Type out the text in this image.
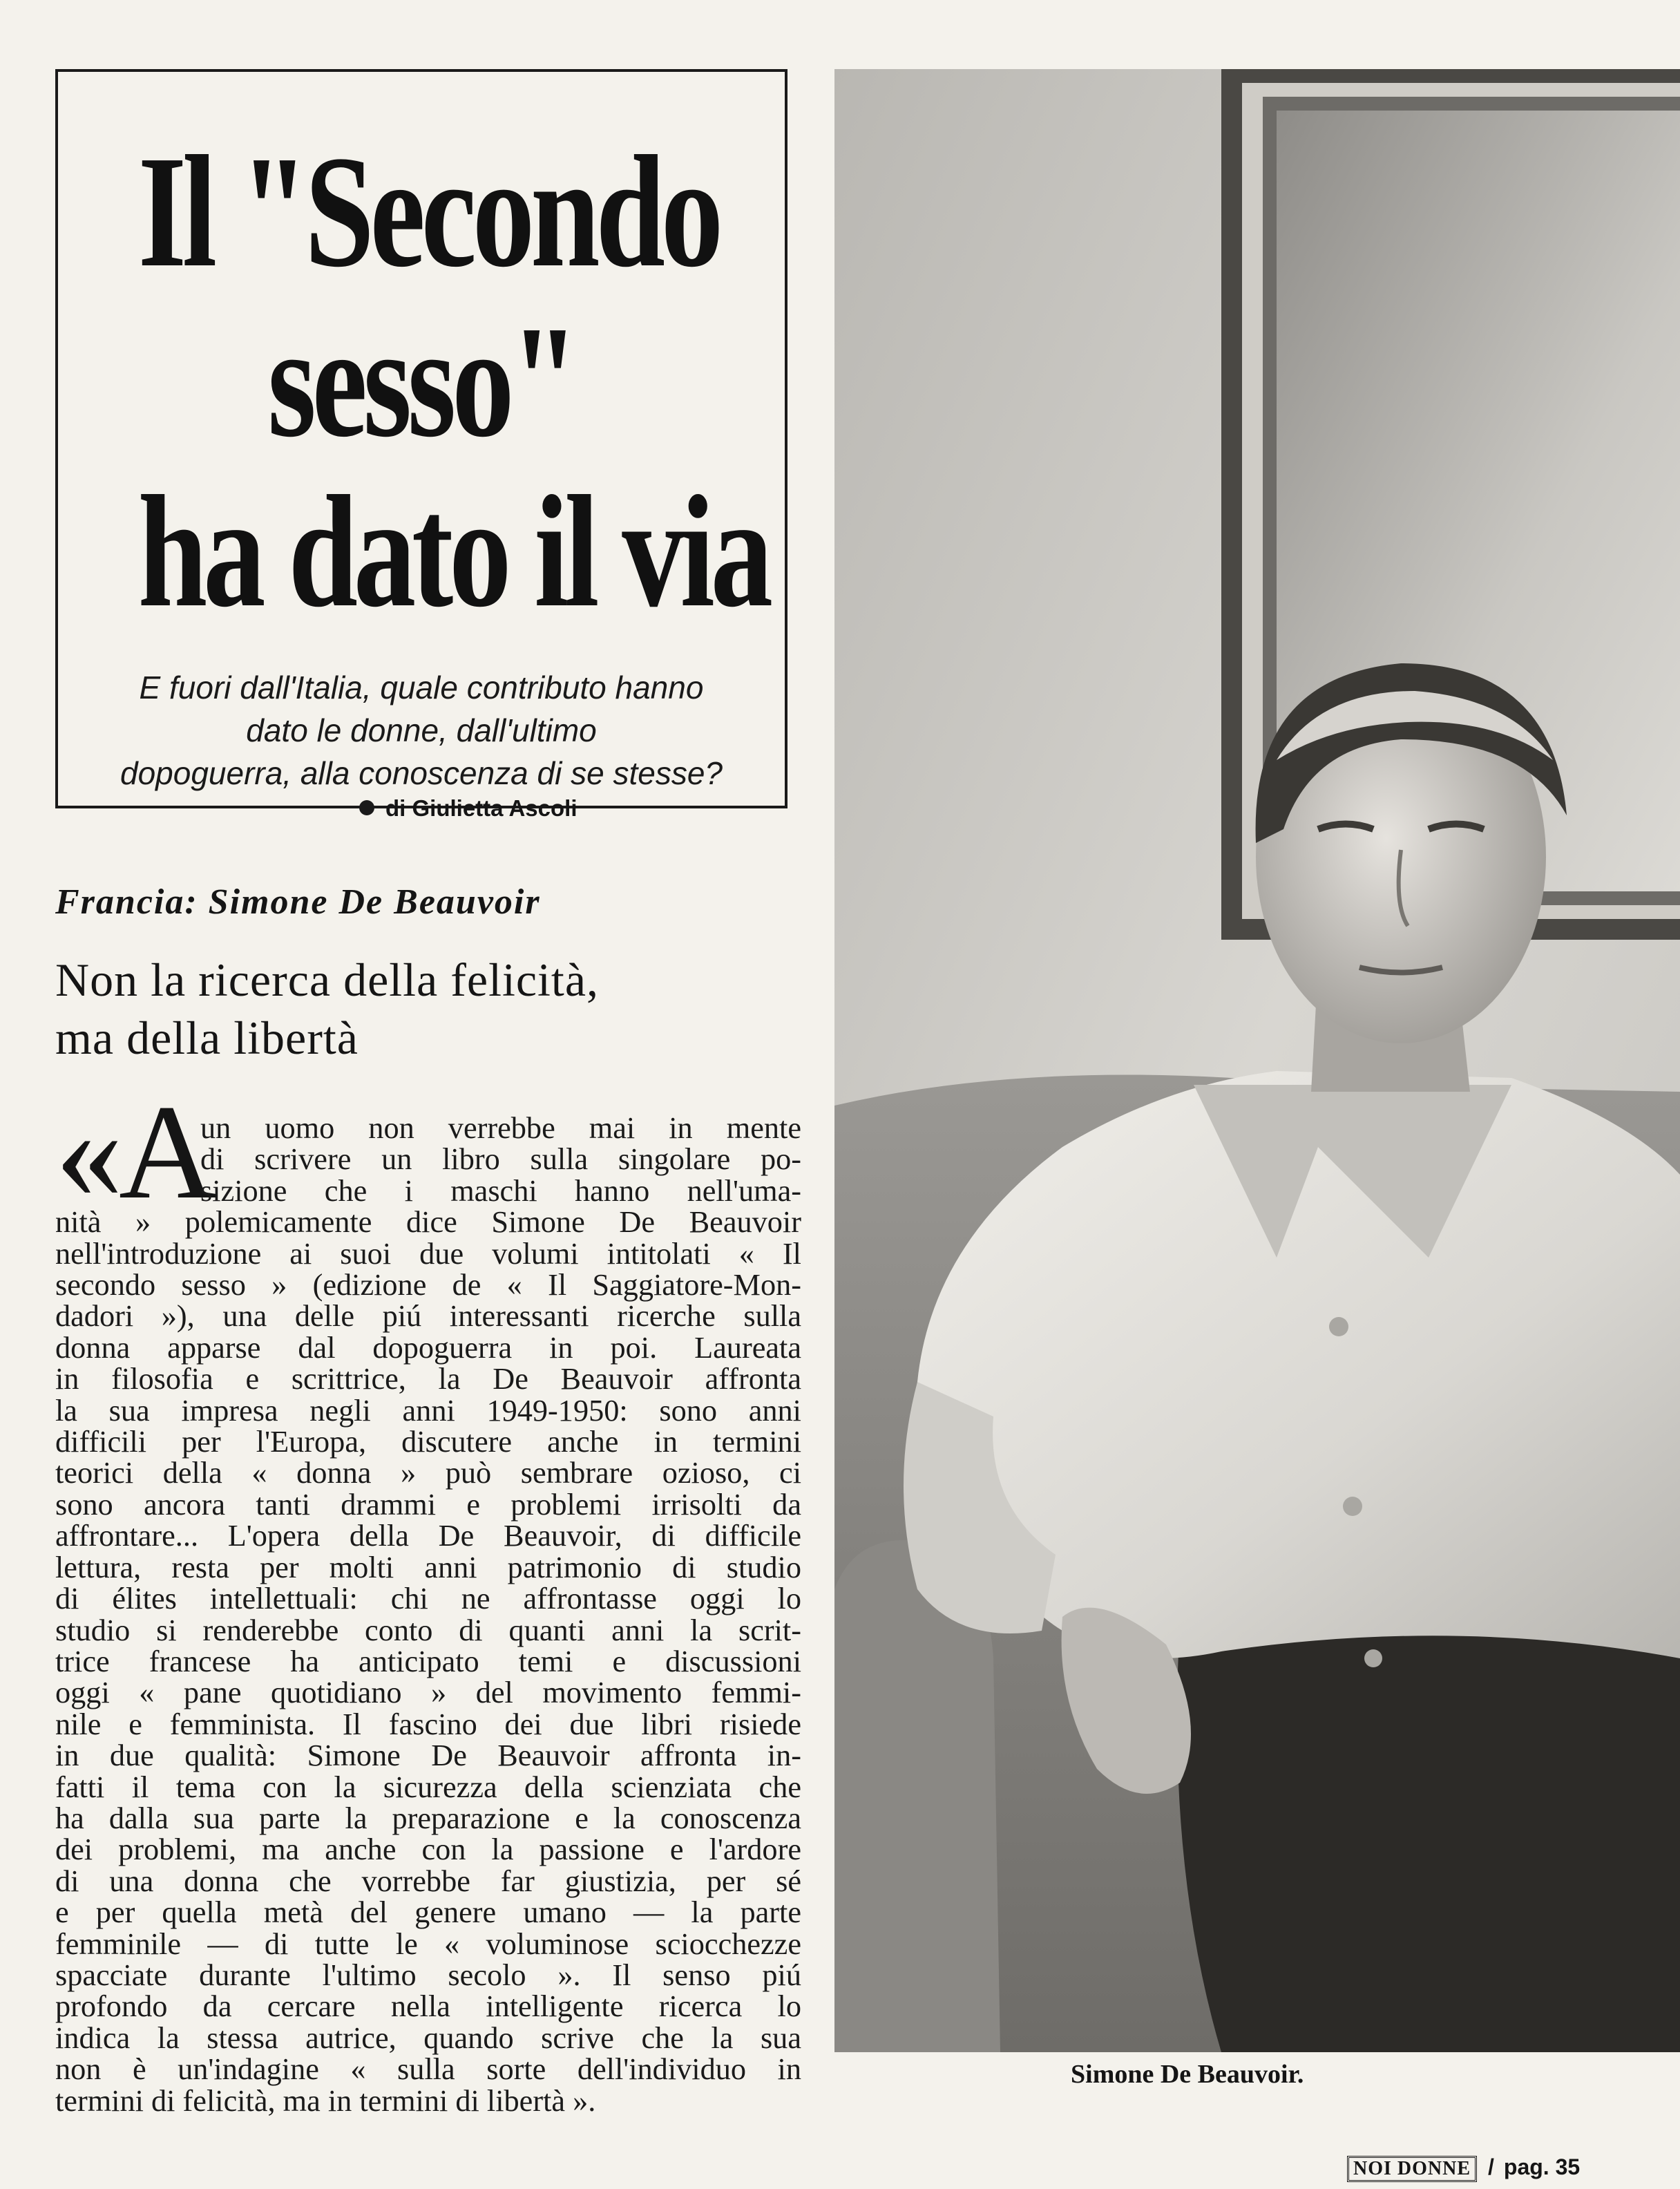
Il "Secondo
sesso"
ha dato il via
E fuori dall'Italia, quale contributo hanno
dato le donne, dall'ultimo
dopoguerra, alla conoscenza di se stesse?
di Giulietta Ascoli
Francia: Simone De Beauvoir
Non la ricerca della felicità,
ma della libertà
«A
un uomo non verrebbe mai in mente
di scrivere un libro sulla singolare po-
sizione che i maschi hanno nell'uma-
nità » polemicamente dice Simone De Beauvoir
nell'introduzione ai suoi due volumi intitolati « Il
secondo sesso » (edizione de « Il Saggiatore-Mon-
dadori »), una delle piú interessanti ricerche sulla
donna apparse dal dopoguerra in poi. Laureata
in filosofia e scrittrice, la De Beauvoir affronta
la sua impresa negli anni 1949-1950: sono anni
difficili per l'Europa, discutere anche in termini
teorici della « donna » può sembrare ozioso, ci
sono ancora tanti drammi e problemi irrisolti da
affrontare... L'opera della De Beauvoir, di difficile
lettura, resta per molti anni patrimonio di studio
di élites intellettuali: chi ne affrontasse oggi lo
studio si renderebbe conto di quanti anni la scrit-
trice francese ha anticipato temi e discussioni
oggi « pane quotidiano » del movimento femmi-
nile e femminista. Il fascino dei due libri risiede
in due qualità: Simone De Beauvoir affronta in-
fatti il tema con la sicurezza della scienziata che
ha dalla sua parte la preparazione e la conoscenza
dei problemi, ma anche con la passione e l'ardore
di una donna che vorrebbe far giustizia, per sé
e per quella metà del genere umano — la parte
femminile — di tutte le « voluminose sciocchezze
spacciate durante l'ultimo secolo ». Il senso piú
profondo da cercare nella intelligente ricerca lo
indica la stessa autrice, quando scrive che la sua
non è un'indagine « sulla sorte dell'individuo in
termini di felicità, ma in termini di libertà ».
Simone De Beauvoir.
NOI DONNE / pag. 35
